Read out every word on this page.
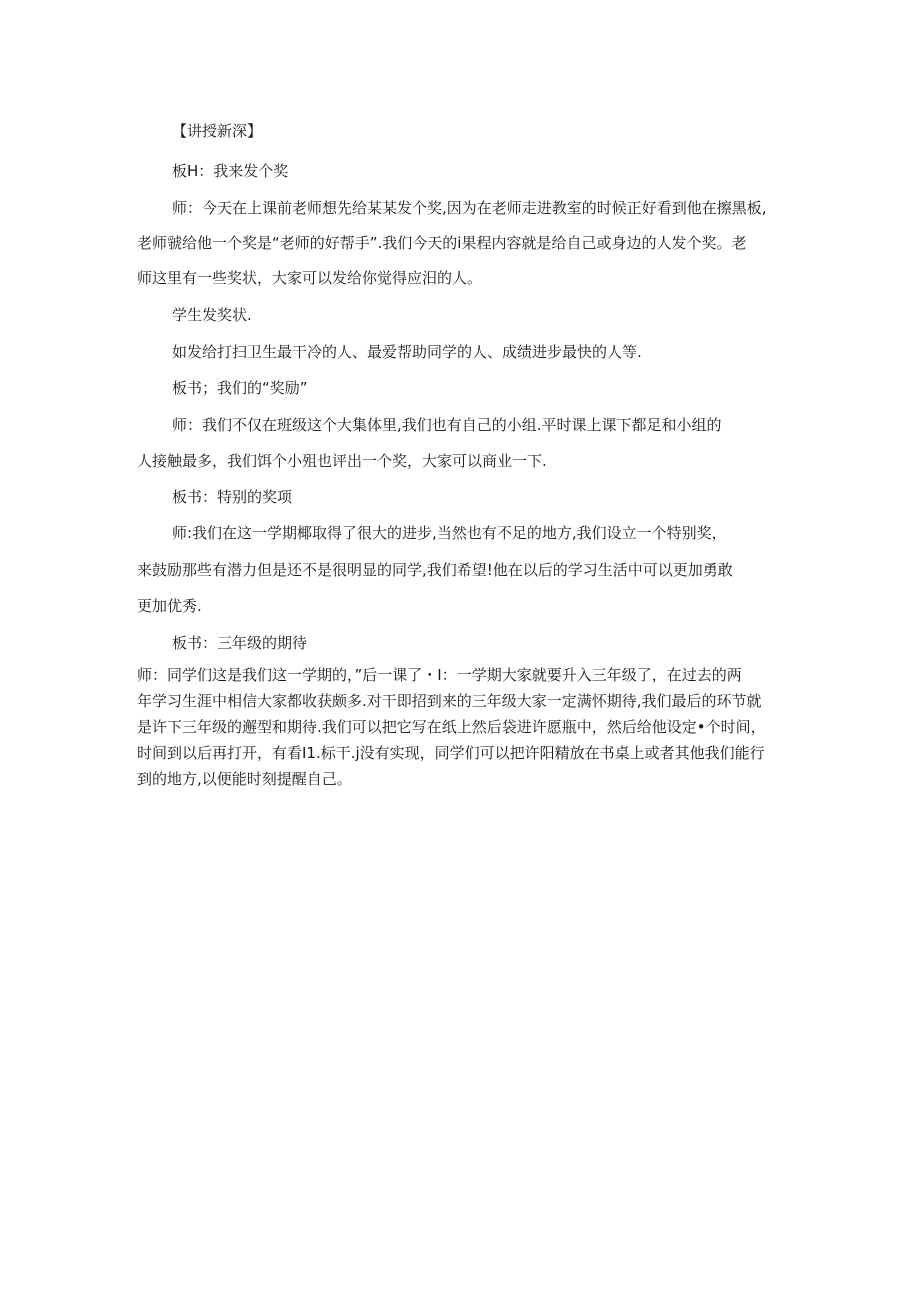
【讲授新深】
板H：我来发个奖
师：今天在上课前老师想先给某某发个奖,因为在老师走进教室的时候正好看到他在擦黑板,
老师虢给他一个奖是“老师的好帮手”.我们今天的i果程内容就是给自己或身边的人发个奖。老
师这里有一些奖状，大家可以发给你觉得应汨的人。
学生发奖状.
如发给打扫卫生最干冷的人、最爱帮助同学的人、成绩进步最快的人等.
板书；我们的“奖励”
师：我们不仅在班级这个大集体里,我们也有自己的小组.平时课上课下都足和小组的
人接触最多，我们饵个小殂也评出一个奖，大家可以商业一下.
板书：特别的奖项
师:我们在这一学期椰取得了很大的进步,当然也有不足的地方,我们设立一个特别奖，
来鼓励那些有潜力但是还不是很明显的同学,我们希望!他在以后的学习生活中可以更加勇敢
更加优秀.
板书：三年级的期待
师：同学们这是我们这一学期的，”后一课了・I：一学期大家就要升入三年级了，在过去的两
年学习生涯中相信大家都收获颇多.对干即招到来的三年级大家一定满怀期待,我们最后的环节就
是许下三年级的邂型和期待.我们可以把它写在纸上然后袋进许愿瓶中，然后给他设定•个时间，
时间到以后再打开，有看I1.标干.j没有实现，同学们可以把许阳精放在书桌上或者其他我们能行
到的地方,以便能时刻提醒自己。
